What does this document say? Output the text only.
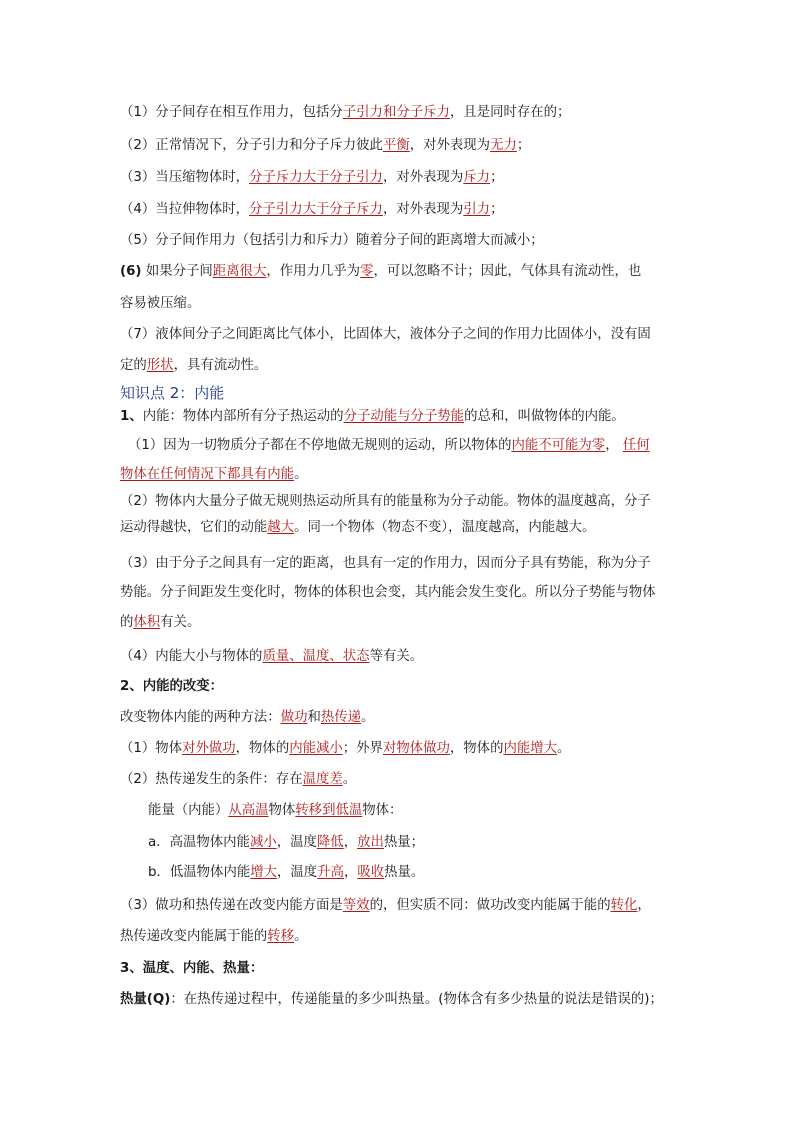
（1）分子间存在相互作用力，包括分子引力和分子斥力，且是同时存在的；

（2）正常情况下，分子引力和分子斥力彼此平衡，对外表现为无力；

（3）当压缩物体时，分子斥力大于分子引力，对外表现为斥力；

（4）当拉伸物体时，分子引力大于分子斥力，对外表现为引力；

（5）分子间作用力（包括引力和斥力）随着分子间的距离增大而减小；

(6) 如果分子间距离很大，作用力几乎为零，可以忽略不计；因此，气体具有流动性，也

容易被压缩。

（7）液体间分子之间距离比气体小，比固体大，液体分子之间的作用力比固体小，没有固

定的形状，具有流动性。

知识点 2：内能

1、内能：物体内部所有分子热运动的分子动能与分子势能的总和，叫做物体的内能。

（1）因为一切物质分子都在不停地做无规则的运动，所以物体的内能不可能为零， 任何

物体在任何情况下都具有内能。

（2）物体内大量分子做无规则热运动所具有的能量称为分子动能。物体的温度越高，分子

运动得越快，它们的动能越大。同一个物体（物态不变），温度越高，内能越大。

（3）由于分子之间具有一定的距离，也具有一定的作用力，因而分子具有势能，称为分子

势能。分子间距发生变化时，物体的体积也会变，其内能会发生变化。所以分子势能与物体

的体积有关。

（4）内能大小与物体的质量、温度、状态等有关。

2、内能的改变：

改变物体内能的两种方法：做功和热传递。

（1）物体对外做功，物体的内能减小；外界对物体做功，物体的内能增大。

（2）热传递发生的条件：存在温度差。

能量（内能）从高温物体转移到低温物体：

a．高温物体内能减小，温度降低，放出热量；

b．低温物体内能增大，温度升高，吸收热量。

（3）做功和热传递在改变内能方面是等效的，但实质不同：做功改变内能属于能的转化，

热传递改变内能属于能的转移。

3、温度、内能、热量：

热量(Q)：在热传递过程中，传递能量的多少叫热量。(物体含有多少热量的说法是错误的)；
